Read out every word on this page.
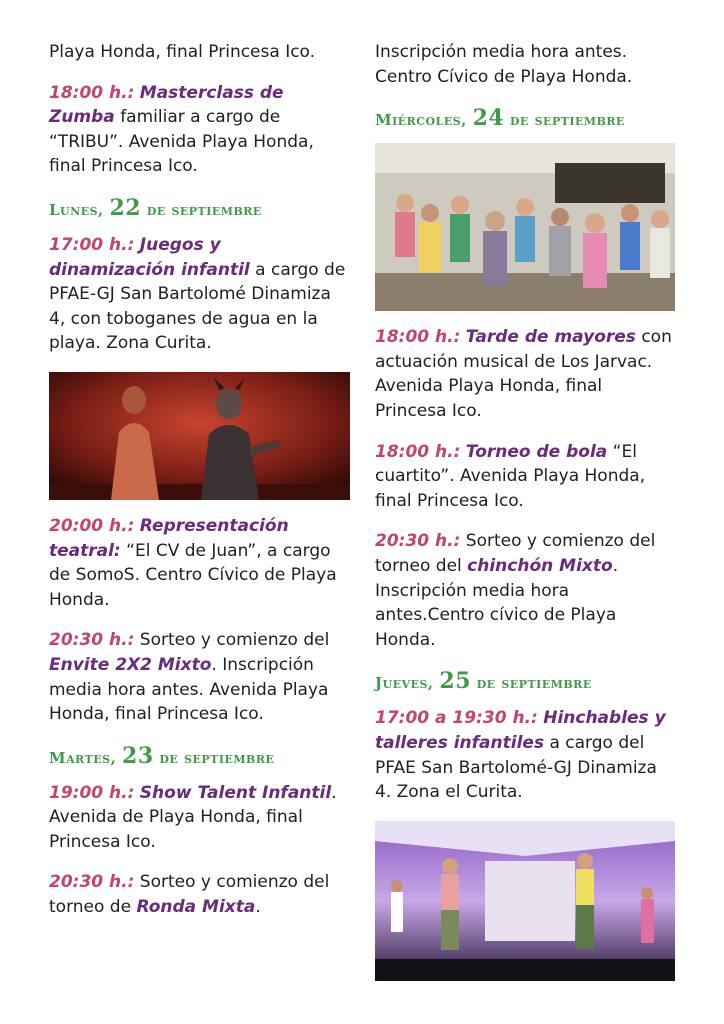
Playa Honda, final Princesa Ico.

18:00 h.: Masterclass de Zumba familiar a cargo de “TRIBU”. Avenida Playa Honda, final Princesa Ico.

Lunes, 22 de septiembre

17:00 h.: Juegos y dinamización infantil a cargo de PFAE-GJ San Bartolomé Dinamiza 4, con toboganes de agua en la playa. Zona Curita.

20:00 h.: Representación teatral: “El CV de Juan”, a cargo de SomoS. Centro Cívico de Playa Honda.

20:30 h.: Sorteo y comienzo del Envite 2X2 Mixto. Inscripción media hora antes. Avenida Playa Honda, final Princesa Ico.

Martes, 23 de septiembre

19:00 h.: Show Talent Infantil. Avenida de Playa Honda, final Princesa Ico.

20:30 h.: Sorteo y comienzo del torneo de Ronda Mixta.

Inscripción media hora antes. Centro Cívico de Playa Honda.

Miércoles, 24 de septiembre

18:00 h.: Tarde de mayores con actuación musical de Los Jarvac. Avenida Playa Honda, final Princesa Ico.

18:00 h.: Torneo de bola “El cuartito”. Avenida Playa Honda, final Princesa Ico.

20:30 h.: Sorteo y comienzo del torneo del chinchón Mixto. Inscripción media hora antes.Centro cívico de Playa Honda.

Jueves, 25 de septiembre

17:00 a 19:30 h.: Hinchables y talleres infantiles a cargo del PFAE San Bartolomé-GJ Dinamiza 4. Zona el Curita.
